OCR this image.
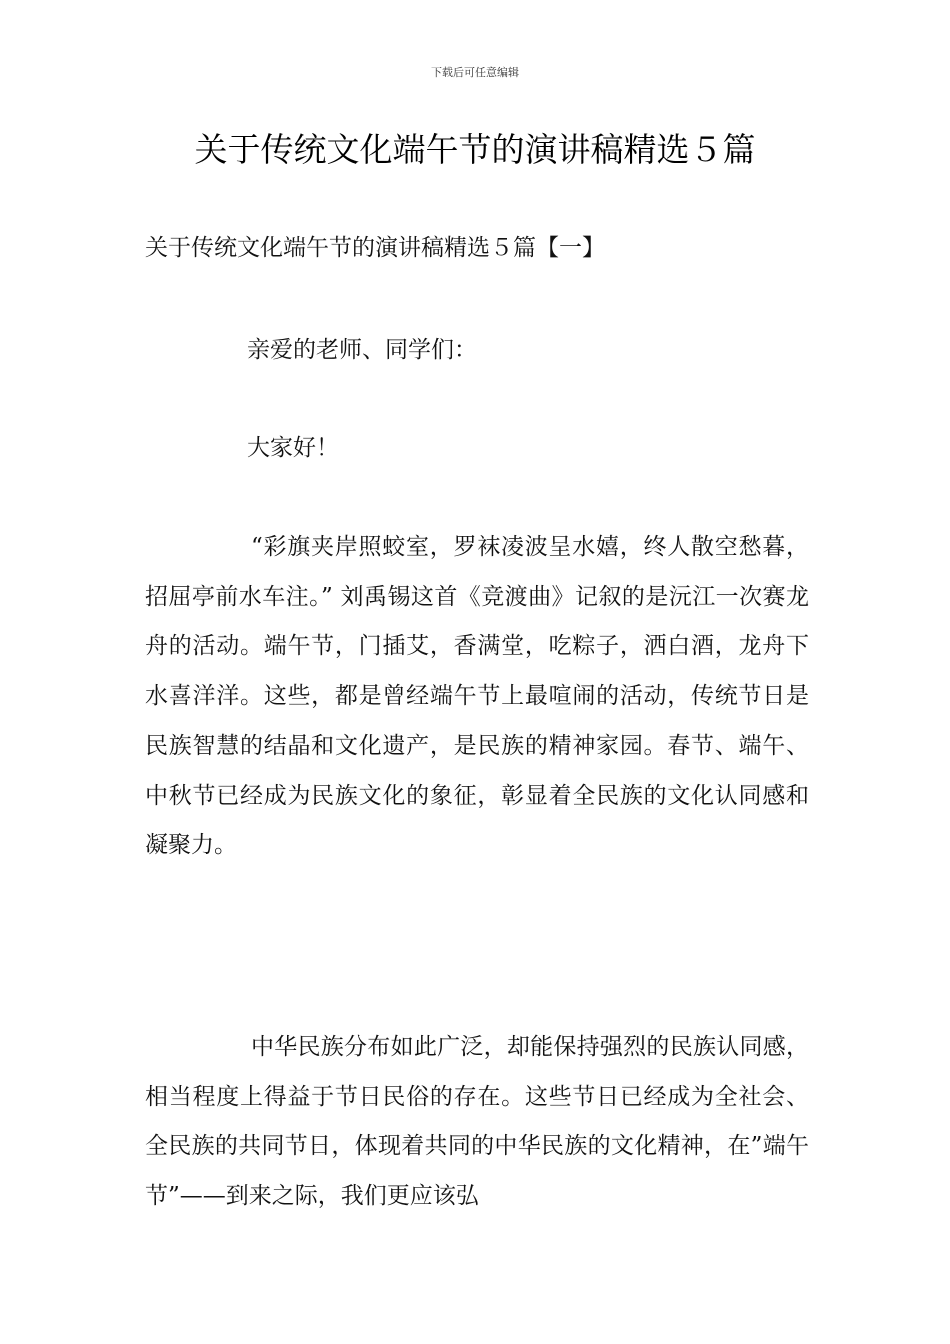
下载后可任意编辑
关于传统文化端午节的演讲稿精选５篇
关于传统文化端午节的演讲稿精选５篇【一】

亲爱的老师、同学们：

大家好！

“彩旗夹岸照蛟室，罗袜凌波呈水嬉，终人散空愁暮， 招屈亭前水车注。” 刘禹锡这首《竞渡曲》记叙的是沅江一次赛龙舟的活动。端午节，门插艾，香满堂，吃粽子，洒白酒，龙舟下水喜洋洋。这些，都是曾经端午节上最喧闹的活动，传统节日是民族智慧的结晶和文化遗产，是民族的精神家园。春节、端午、中秋节已经成为民族文化的象征，彰显着全民族的文化认同感和凝聚力。

中华民族分布如此广泛，却能保持强烈的民族认同感，相当程度上得益于节日民俗的存在。这些节日已经成为全社会、全民族的共同节日，体现着共同的中华民族的文化精神，在”端午节”——到来之际，我们更应该弘
